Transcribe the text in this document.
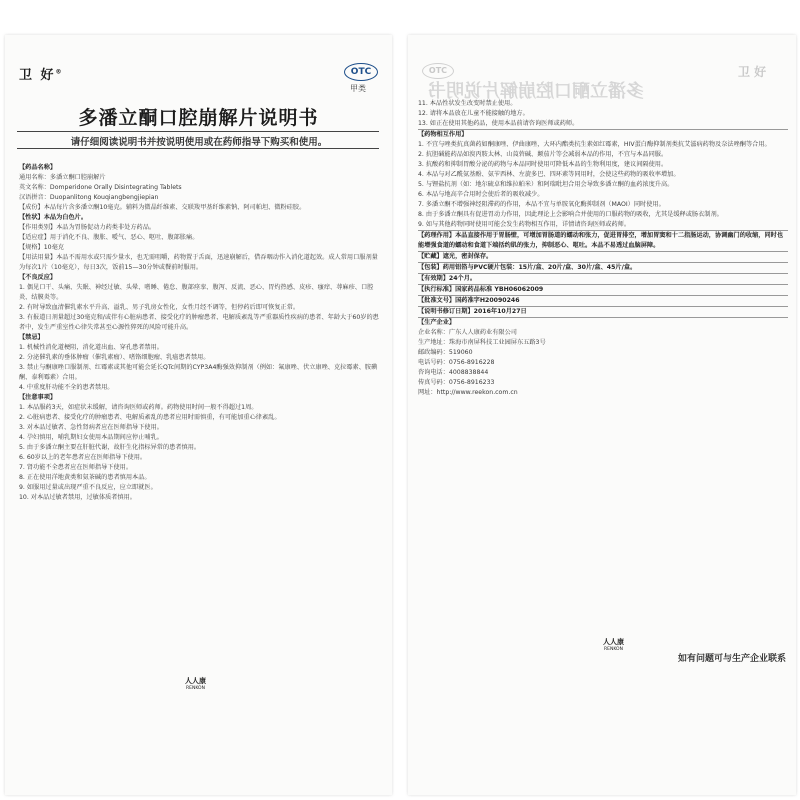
卫 好®	OTC
甲类
多潘立酮口腔崩解片说明书
请仔细阅读说明书并按说明使用或在药师指导下购买和使用。

【药品名称】

通用名称：多潘立酮口腔崩解片

英文名称：Domperidone Orally Disintegrating Tablets

汉语拼音：Duopanlitong Kouqiangbengjiepian

【成份】本品每片含多潘立酮10毫克。辅料为微晶纤维素、交联羧甲基纤维素钠、阿司帕坦、微粉硅胶。

【性状】本品为白色片。

【作用类别】本品为胃肠促动力药类非处方药品。

【适应症】用于消化不良、腹胀、嗳气、恶心、呕吐、腹部胀痛。

【规格】10毫克

【用法用量】本品不需用水或只需少量水，也无需咀嚼，药物置于舌面，迅速崩解后，借吞咽动作入消化道起效。成人常用口服剂量为每次1片（10毫克），每日3次，饭前15—30分钟或餐前时服用。

【不良反应】

1. 偶见口干、头痛、失眠、神经过敏、头晕、嗜睡、倦怠、腹部痉挛、腹泻、反流、恶心、胃灼热感、皮疹、瘙痒、荨麻疹、口腔炎、结膜炎等。

2. 有时导致血清催乳素水平升高、溢乳、男子乳房女性化，女性月经不调等，但停药后即可恢复正常。

3. 有报道日剂量超过30毫克和/或伴有心脏病患者、接受化疗的肿瘤患者、电解质紊乱等严重器质性疾病的患者、年龄大于60岁的患者中，发生严重室性心律失常甚至心源性猝死的风险可能升高。

【禁忌】

1. 机械性消化道梗阻，消化道出血、穿孔患者禁用。

2. 分泌催乳素的垂体肿瘤（催乳素瘤）、嗜铬细胞瘤、乳癌患者禁用。

3. 禁止与酮康唑口服制剂、红霉素或其他可能会延长QTc间期的CYP3A4酶强效抑制剂（例如：氟康唑、伏立康唑、克拉霉素、胺碘酮、泰利霉素）合用。

4. 中重度肝功能不全的患者禁用。

【注意事项】

1. 本品服药3天，如症状未缓解，请咨询医师或药师。药物使用时间一般不得超过1周。

2. 心脏病患者、接受化疗的肿瘤患者、电解质紊乱的患者应用时需慎重，有可能加重心律紊乱。

3. 对本品过敏者、急性肾病者应在医师指导下使用。

4. 孕妇慎用，哺乳期妇女使用本品期间应停止哺乳。

5. 由于多潘立酮主要在肝脏代谢，故肝生化指标异常的患者慎用。

6. 60岁以上的老年患者应在医师指导下使用。

7. 肾功能不全患者应在医师指导下使用。

8. 正在使用洋地黄类和氨茶碱的患者慎用本品。

9. 如服用过量或出现严重不良反应，应立即就医。

10. 对本品过敏者禁用，过敏体质者慎用。

人人康
RENKON
卫 好
OTC
多潘立酮口腔崩解片说明书

11. 本品性状发生改变时禁止使用。

12. 请将本品放在儿童不能接触的地方。

13. 如正在使用其他药品，使用本品前请咨询医师或药师。

【药物相互作用】

1. 不宜与唑类抗真菌药如酮康唑、伊曲康唑，大环内酯类抗生素如红霉素，HIV蛋白酶抑制剂类抗艾滋病药物及奈法唑酮等合用。

2. 抗胆碱能药品如溴丙胺太林、山莨菪碱、颠茄片等会减弱本品的作用，不宜与本品同服。

3. 抗酸药和抑制胃酸分泌的药物与本品同时使用可降低本品的生物利用度，建议间隔使用。

4. 本品与对乙酰氨基酚、氨苄西林、左旋多巴、四环素等同用时，会使这些药物的吸收率增加。

5. 与锂盐抗剂（如：地尔硫卓和维拉帕米）和阿瑞吡坦合用会导致多潘立酮的血药浓度升高。

6. 本品与地高辛合用时会使后者的吸收减少。

7. 多潘立酮不增强神经阻滞药的作用，本品不宜与单胺氧化酶抑制剂（MAOI）同时使用。

8. 由于多潘立酮具有促进胃动力作用，因此理论上会影响合并使用的口服药物的吸收，尤其是缓释或肠衣制剂。

9. 如与其他药物同时使用可能会发生药物相互作用，详情请咨询医师或药师。

【药理作用】本品直接作用于胃肠壁，可增加胃肠道的蠕动和张力，促进胃排空，增加胃窦和十二指肠运动，协调幽门的收缩，同时也能增强食道的蠕动和食道下端括约肌的张力，抑制恶心、呕吐。本品不易透过血脑屏障。

【贮藏】遮光，密封保存。

【包装】药用铝箔与PVC硬片包装：15片/盒、20片/盒、30片/盒、45片/盒。

【有效期】24个月。

【执行标准】国家药品标准 YBH06062009

【批准文号】国药准字H20090246

【说明书修订日期】2016年10月27日

【生产企业】

企业名称：广东人人康药业有限公司

生产地址：珠海市南屏科技工业园屏东五路3号

邮政编码：519060

电话号码：0756-8916228

咨询电话：4008838844

传真号码：0756-8916233

网址：http://www.reekon.com.cn

人人康
RENKON
如有问题可与生产企业联系
